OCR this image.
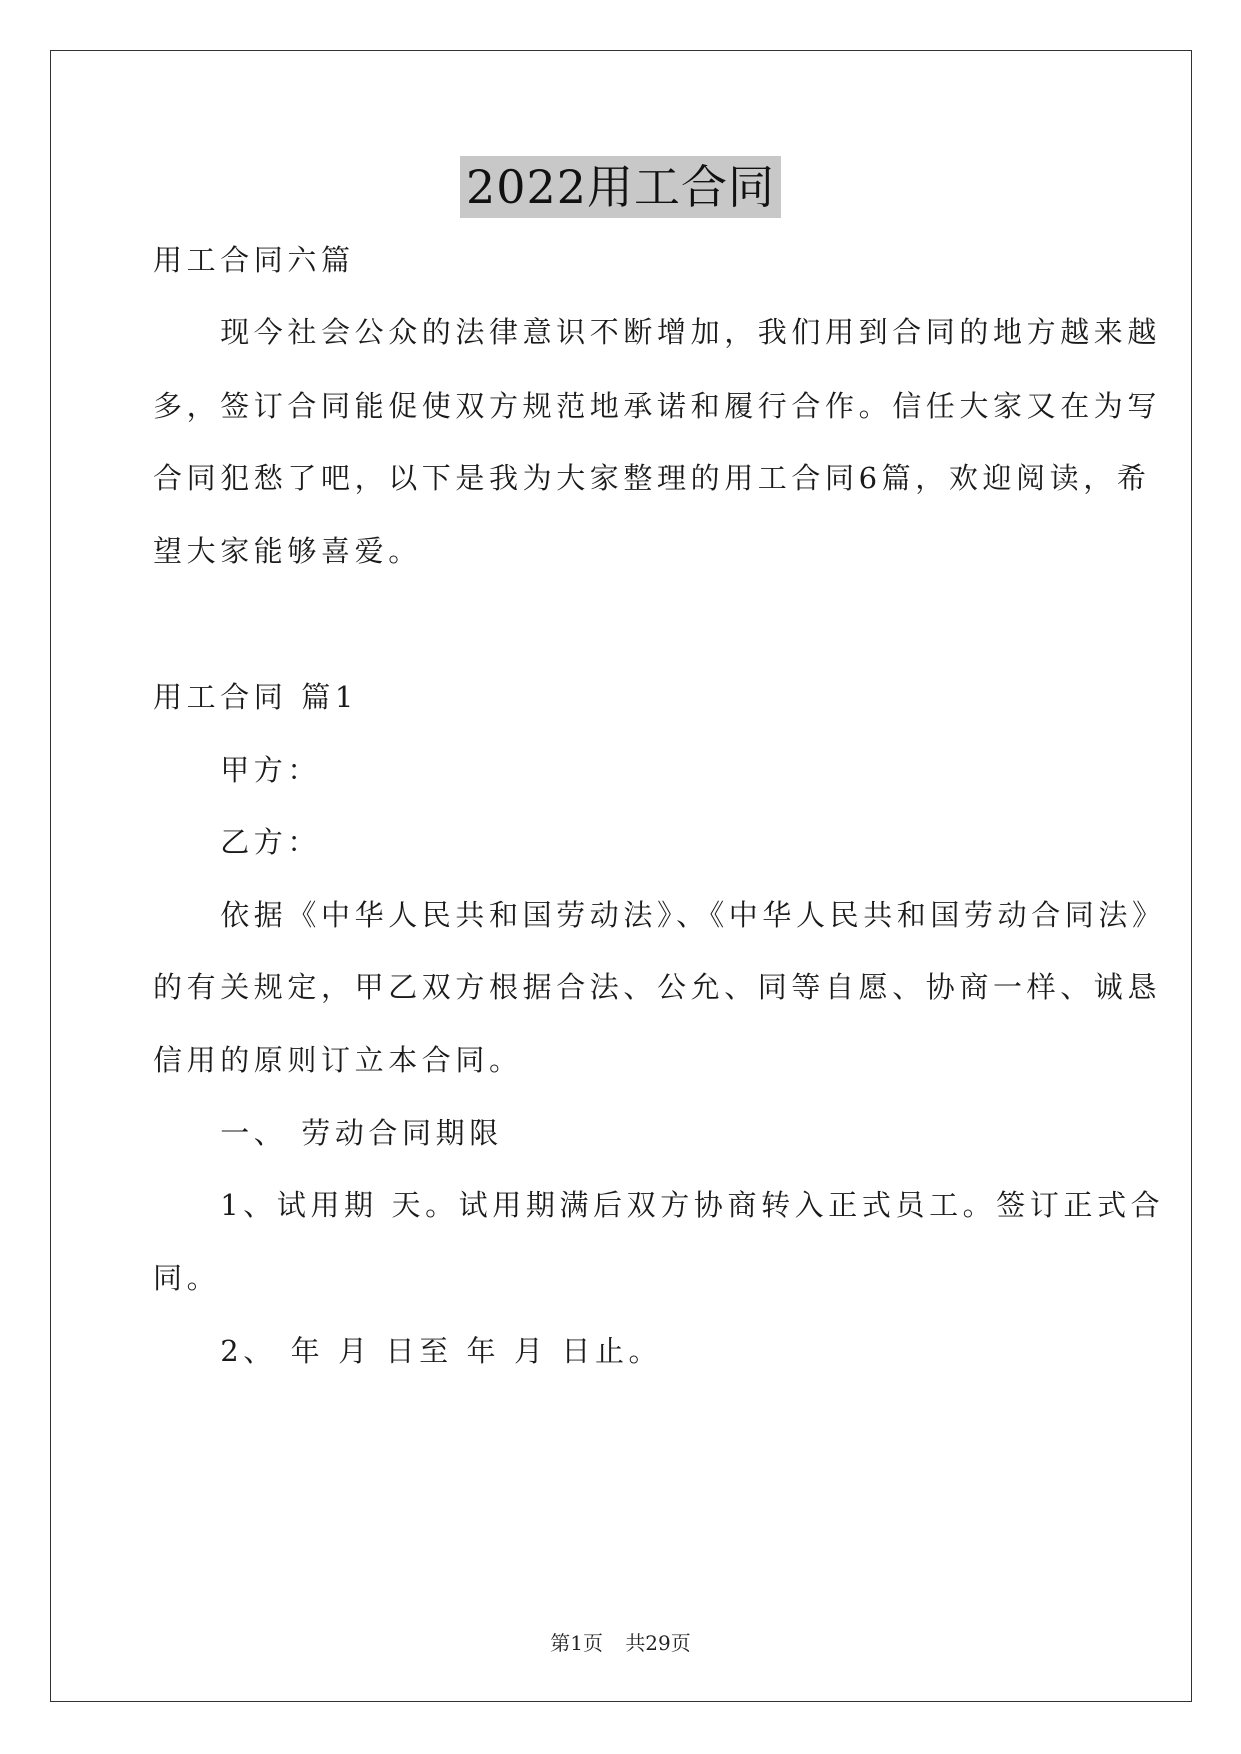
2022用工合同
用工合同六篇
　　现今社会公众的法律意识不断增加，我们用到合同的地方越来越
多，签订合同能促使双方规范地承诺和履行合作。信任大家又在为写
合同犯愁了吧，以下是我为大家整理的用工合同6篇，欢迎阅读，希
望大家能够喜爱。
用工合同 篇1
　　甲方：
　　乙方：
　　依据《中华人民共和国劳动法》、《中华人民共和国劳动合同法》
的有关规定，甲乙双方根据合法、公允、同等自愿、协商一样、诚恳
信用的原则订立本合同。
　　一、 劳动合同期限
　　1、试用期 天。试用期满后双方协商转入正式员工。签订正式合
同。
　　2、 年 月 日至 年 月 日止。
第1页 共29页
